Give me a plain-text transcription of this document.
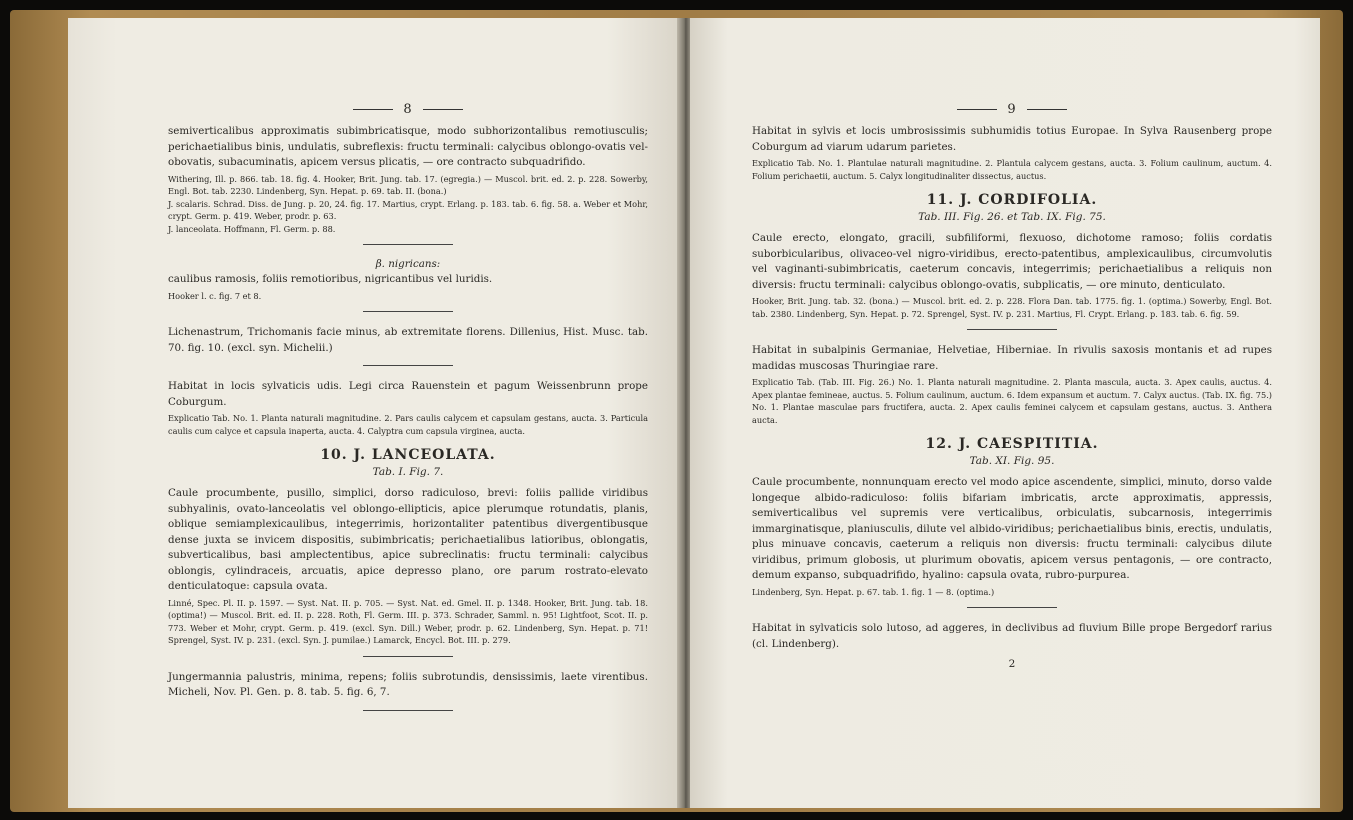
8

semiverticalibus approximatis subimbricatisque, modo subhorizontalibus remotiusculis; perichaetialibus binis, undulatis, subreflexis: fructu terminali: calycibus oblongo-ovatis vel-obovatis, subacuminatis, apicem versus plicatis, — ore contracto subquadrifido.

Withering, Ill. p. 866. tab. 18. fig. 4. Hooker, Brit. Jung. tab. 17. (egregia.) — Muscol. brit. ed. 2. p. 228. Sowerby, Engl. Bot. tab. 2230. Lindenberg, Syn. Hepat. p. 69. tab. II. (bona.)

J. scalaris. Schrad. Diss. de Jung. p. 20, 24. fig. 17. Martius, crypt. Erlang. p. 183. tab. 6. fig. 58. a. Weber et Mohr, crypt. Germ. p. 419. Weber, prodr. p. 63.

J. lanceolata. Hoffmann, Fl. Germ. p. 88.

β. nigricans:

caulibus ramosis, foliis remotioribus, nigricantibus vel luridis.

Hooker l. c. fig. 7 et 8.

Lichenastrum, Trichomanis facie minus, ab extremitate florens. Dillenius, Hist. Musc. tab. 70. fig. 10. (excl. syn. Michelii.)

Habitat in locis sylvaticis udis. Legi circa Rauenstein et pagum Weissenbrunn prope Coburgum.

Explicatio Tab. No. 1. Planta naturali magnitudine. 2. Pars caulis calycem et capsulam gestans, aucta. 3. Particula caulis cum calyce et capsula inaperta, aucta. 4. Calyptra cum capsula virginea, aucta.

10. J. LANCEOLATA.

Tab. I. Fig. 7.

Caule procumbente, pusillo, simplici, dorso radiculoso, brevi: foliis pallide viridibus subhyalinis, ovato-lanceolatis vel oblongo-ellipticis, apice plerumque rotundatis, planis, oblique semiamplexicaulibus, integerrimis, horizontaliter patentibus divergentibusque dense juxta se invicem dispositis, subimbricatis; perichaetialibus latioribus, oblongatis, subverticalibus, basi amplectentibus, apice subreclinatis: fructu terminali: calycibus oblongis, cylindraceis, arcuatis, apice depresso plano, ore parum rostrato-elevato denticulatoque: capsula ovata.

Linné, Spec. Pl. II. p. 1597. — Syst. Nat. II. p. 705. — Syst. Nat. ed. Gmel. II. p. 1348. Hooker, Brit. Jung. tab. 18. (optima!) — Muscol. Brit. ed. II. p. 228. Roth, Fl. Germ. III. p. 373. Schrader, Samml. n. 95! Lightfoot, Scot. II. p. 773. Weber et Mohr, crypt. Germ. p. 419. (excl. Syn. Dill.) Weber, prodr. p. 62. Lindenberg, Syn. Hepat. p. 71! Sprengel, Syst. IV. p. 231. (excl. Syn. J. pumilae.) Lamarck, Encycl. Bot. III. p. 279.

Jungermannia palustris, minima, repens; foliis subrotundis, densissimis, laete virentibus. Micheli, Nov. Pl. Gen. p. 8. tab. 5. fig. 6, 7.

9

Habitat in sylvis et locis umbrosissimis subhumidis totius Europae. In Sylva Rausenberg prope Coburgum ad viarum udarum parietes.

Explicatio Tab. No. 1. Plantulae naturali magnitudine. 2. Plantula calycem gestans, aucta. 3. Folium caulinum, auctum. 4. Folium perichaetii, auctum. 5. Calyx longitudinaliter dissectus, auctus.

11. J. CORDIFOLIA.

Tab. III. Fig. 26. et Tab. IX. Fig. 75.

Caule erecto, elongato, gracili, subfiliformi, flexuoso, dichotome ramoso; foliis cordatis suborbicularibus, olivaceo-vel nigro-viridibus, erecto-patentibus, amplexicaulibus, circumvolutis vel vaginanti-subimbricatis, caeterum concavis, integerrimis; perichaetialibus a reliquis non diversis: fructu terminali: calycibus oblongo-ovatis, subplicatis, — ore minuto, denticulato.

Hooker, Brit. Jung. tab. 32. (bona.) — Muscol. brit. ed. 2. p. 228. Flora Dan. tab. 1775. fig. 1. (optima.) Sowerby, Engl. Bot. tab. 2380. Lindenberg, Syn. Hepat. p. 72. Sprengel, Syst. IV. p. 231. Martius, Fl. Crypt. Erlang. p. 183. tab. 6. fig. 59.

Habitat in subalpinis Germaniae, Helvetiae, Hiberniae. In rivulis saxosis montanis et ad rupes madidas muscosas Thuringiae rare.

Explicatio Tab. (Tab. III. Fig. 26.) No. 1. Planta naturali magnitudine. 2. Planta mascula, aucta. 3. Apex caulis, auctus. 4. Apex plantae femineae, auctus. 5. Folium caulinum, auctum. 6. Idem expansum et auctum. 7. Calyx auctus. (Tab. IX. fig. 75.) No. 1. Plantae masculae pars fructifera, aucta. 2. Apex caulis feminei calycem et capsulam gestans, auctus. 3. Anthera aucta.

12. J. CAESPITITIA.

Tab. XI. Fig. 95.

Caule procumbente, nonnunquam erecto vel modo apice ascendente, simplici, minuto, dorso valde longeque albido-radiculoso: foliis bifariam imbricatis, arcte approximatis, appressis, semiverticalibus vel supremis vere verticalibus, orbiculatis, subcarnosis, integerrimis immarginatisque, planiusculis, dilute vel albido-viridibus; perichaetialibus binis, erectis, undulatis, plus minuave concavis, caeterum a reliquis non diversis: fructu terminali: calycibus dilute viridibus, primum globosis, ut plurimum obovatis, apicem versus pentagonis, — ore contracto, demum expanso, subquadrifido, hyalino: capsula ovata, rubro-purpurea.

Lindenberg, Syn. Hepat. p. 67. tab. 1. fig. 1 — 8. (optima.)

Habitat in sylvaticis solo lutoso, ad aggeres, in declivibus ad fluvium Bille prope Bergedorf rarius (cl. Lindenberg).

2
